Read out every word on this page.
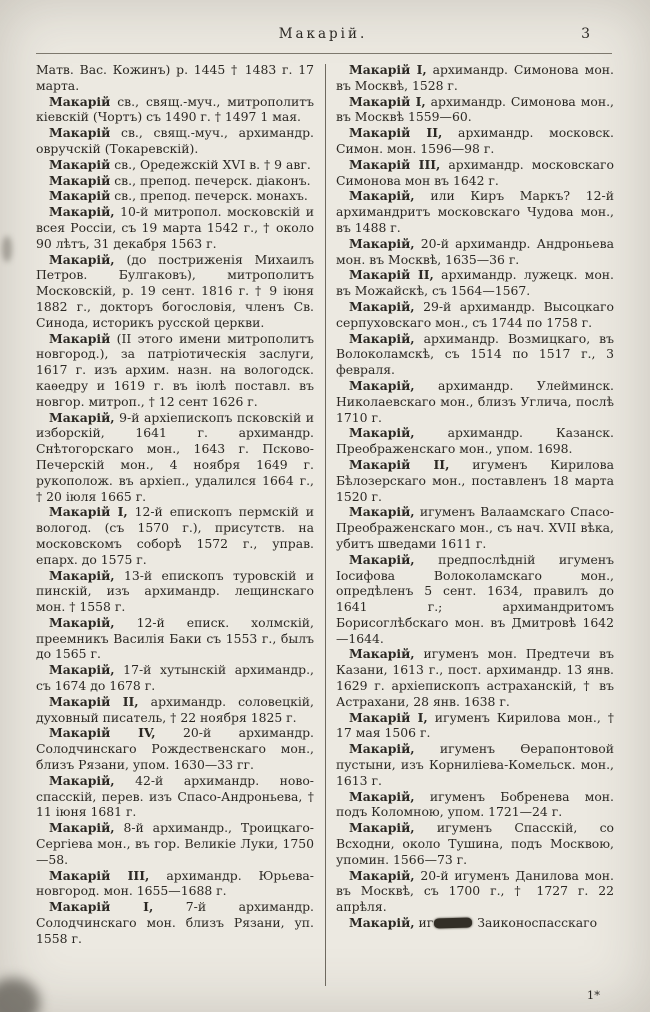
Макарій.	3

Матв. Вас. Кожинъ) р. 1445 † 1483 г. 17 марта.

Макарій св., свящ.-муч., митрополитъ кіевскій (Чортъ) съ 1490 г. † 1497 1 мая.

Макарій св., свящ.-муч., архимандр. овручскій (Токаревскій).

Макарій св., Оредежскій XVI в. † 9 авг.

Макарій св., препод. печерск. діаконъ.

Макарій св., препод. печерск. монахъ.

Макарій, 10-й митропол. московскій и всея Россіи, съ 19 марта 1542 г., † около 90 лѣтъ, 31 декабря 1563 г.

Макарій, (до постриженія Михаилъ Петров. Булгаковъ), митрополитъ Московскій, р. 19 сент. 1816 г. † 9 іюня 1882 г., докторъ богословія, членъ Св. Синода, историкъ русской церкви.

Макарій (II этого имени митрополитъ новгород.), за патріотическія заслуги, 1617 г. изъ архим. назн. на вологодск. каѳедру и 1619 г. въ іюлѣ поставл. въ новгор. митроп., † 12 сент 1626 г.

Макарій, 9-й архіепископъ псковскій и изборскій, 1641 г. архимандр. Снѣтогорскаго мон., 1643 г. Псково-Печерскій мон., 4 ноября 1649 г. рукополож. въ архіеп., удалился 1664 г., † 20 іюля 1665 г.

Макарій I, 12-й епископъ пермскій и вологод. (съ 1570 г.), присутств. на московскомъ соборѣ 1572 г., управ. епарх. до 1575 г.

Макарій, 13-й епископъ туровскій и пинскій, изъ архимандр. лещинскаго мон. † 1558 г.

Макарій, 12-й еписк. холмскій, преемникъ Василія Баки съ 1553 г., былъ до 1565 г.

Макарій, 17-й хутынскій архимандр., съ 1674 до 1678 г.

Макарій II, архимандр. соловецкій, духовный писатель, † 22 ноября 1825 г.

Макарій IV, 20-й архимандр. Солодчинскаго Рождественскаго мон., близъ Рязани, упом. 1630—33 гг.

Макарій, 42-й архимандр. ново-спасскій, перев. изъ Спасо-Андроньева, † 11 іюня 1681 г.

Макарій, 8-й архимандр., Троицкаго-Сергіева мон., въ гор. Великіе Луки, 1750—58.

Макарій III, архимандр. Юрьева-новгород. мон. 1655—1688 г.

Макарій I, 7-й архимандр. Солодчинскаго мон. близъ Рязани, уп. 1558 г.

Макарій I, архимандр. Симонова мон. въ Москвѣ, 1528 г.

Макарій I, архимандр. Симонова мон., въ Москвѣ 1559—60.

Макарій II, архимандр. московск. Симон. мон. 1596—98 г.

Макарій III, архимандр. московскаго Симонова мон въ 1642 г.

Макарій, или Киръ Маркъ? 12-й архимандритъ московскаго Чудова мон., въ 1488 г.

Макарій, 20-й архимандр. Андроньева мон. въ Москвѣ, 1635—36 г.

Макарій II, архимандр. лужецк. мон. въ Можайскѣ, съ 1564—1567.

Макарій, 29-й архимандр. Высоцкаго серпуховскаго мон., съ 1744 по 1758 г.

Макарій, архимандр. Возмицкаго, въ Волоколамскѣ, съ 1514 по 1517 г., 3 февраля.

Макарій, архимандр. Улейминск. Николаевскаго мон., близъ Углича, послѣ 1710 г.

Макарій, архимандр. Казанск. Преображенскаго мон., упом. 1698.

Макарій II, игуменъ Кирилова Бѣлозерскаго мон., поставленъ 18 марта 1520 г.

Макарій, игуменъ Валаамскаго Спасо-Преображенскаго мон., съ нач. XVII вѣка, убитъ шведами 1611 г.

Макарій, предпослѣдній игуменъ Іосифова Волоколамскаго мон., опредѣленъ 5 сент. 1634, правилъ до 1641 г.; архимандритомъ Борисоглѣбскаго мон. въ Дмитровѣ 1642—1644.

Макарій, игуменъ мон. Предтечи въ Казани, 1613 г., пост. архимандр. 13 янв. 1629 г. архіепископъ астраханскій, † въ Астрахани, 28 янв. 1638 г.

Макарій I, игуменъ Кирилова мон., † 17 мая 1506 г.

Макарій, игуменъ Ѳерапонтовой пустыни, изъ Корниліева-Комельск. мон., 1613 г.

Макарій, игуменъ Бобренева мон. подъ Коломною, упом. 1721—24 г.

Макарій, игуменъ Спасскій, со Всходни, около Тушина, подъ Москвою, упомин. 1566—73 г.

Макарій, 20-й игуменъ Данилова мон. въ Москвѣ, съ 1700 г., † 1727 г. 22 апрѣля.

Макарій, иг	Заиконоспасскаго

1*
